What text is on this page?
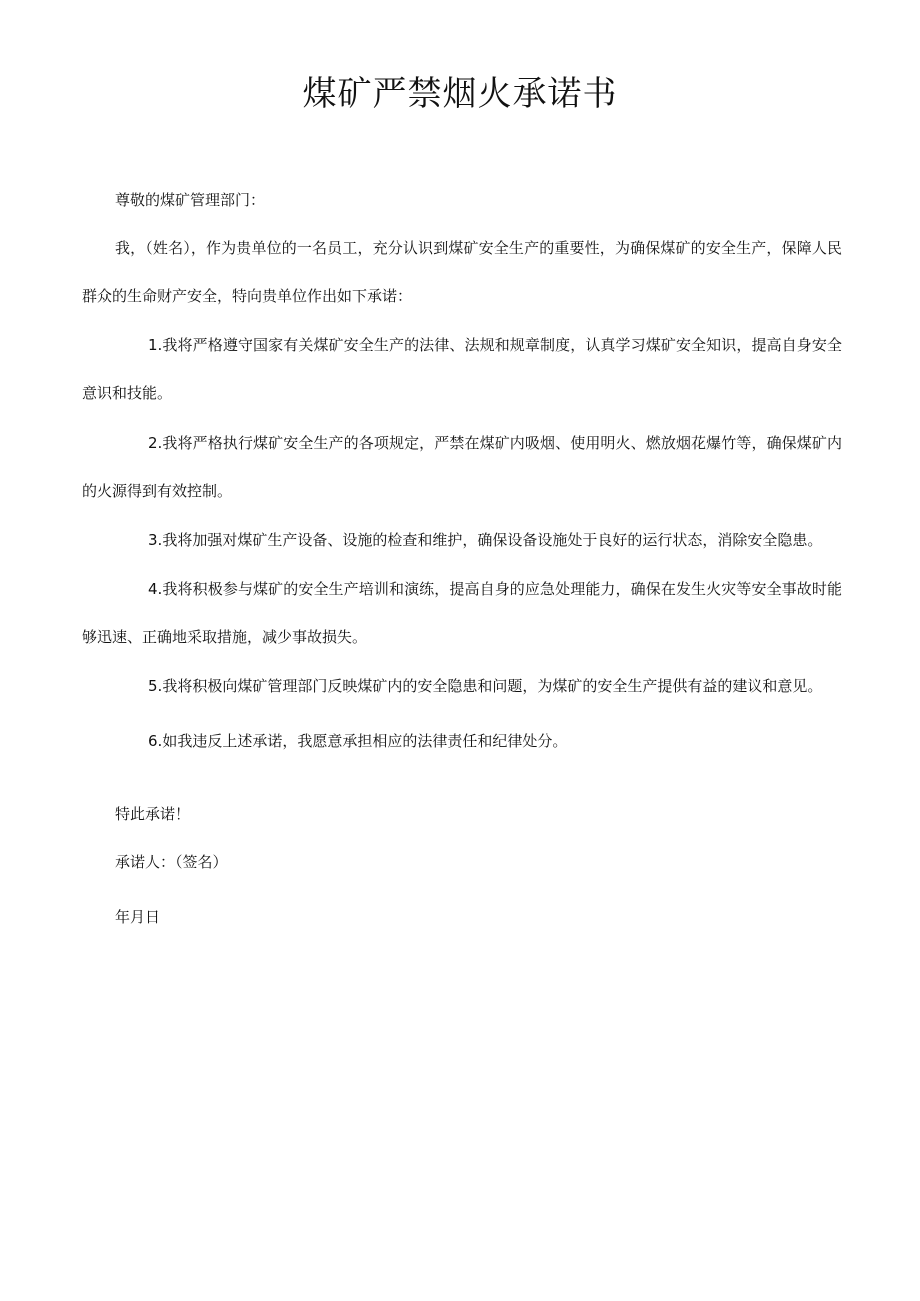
煤矿严禁烟火承诺书

尊敬的煤矿管理部门：

我，（姓名），作为贵单位的一名员工，充分认识到煤矿安全生产的重要性，为确保煤矿的安全生产，保障人民群众的生命财产安全，特向贵单位作出如下承诺：

1.我将严格遵守国家有关煤矿安全生产的法律、法规和规章制度，认真学习煤矿安全知识，提高自身安全意识和技能。

2.我将严格执行煤矿安全生产的各项规定，严禁在煤矿内吸烟、使用明火、燃放烟花爆竹等，确保煤矿内的火源得到有效控制。

3.我将加强对煤矿生产设备、设施的检查和维护，确保设备设施处于良好的运行状态，消除安全隐患。

4.我将积极参与煤矿的安全生产培训和演练，提高自身的应急处理能力，确保在发生火灾等安全事故时能够迅速、正确地采取措施，减少事故损失。

5.我将积极向煤矿管理部门反映煤矿内的安全隐患和问题，为煤矿的安全生产提供有益的建议和意见。

6.如我违反上述承诺，我愿意承担相应的法律责任和纪律处分。

特此承诺！

承诺人：（签名）

年月日
